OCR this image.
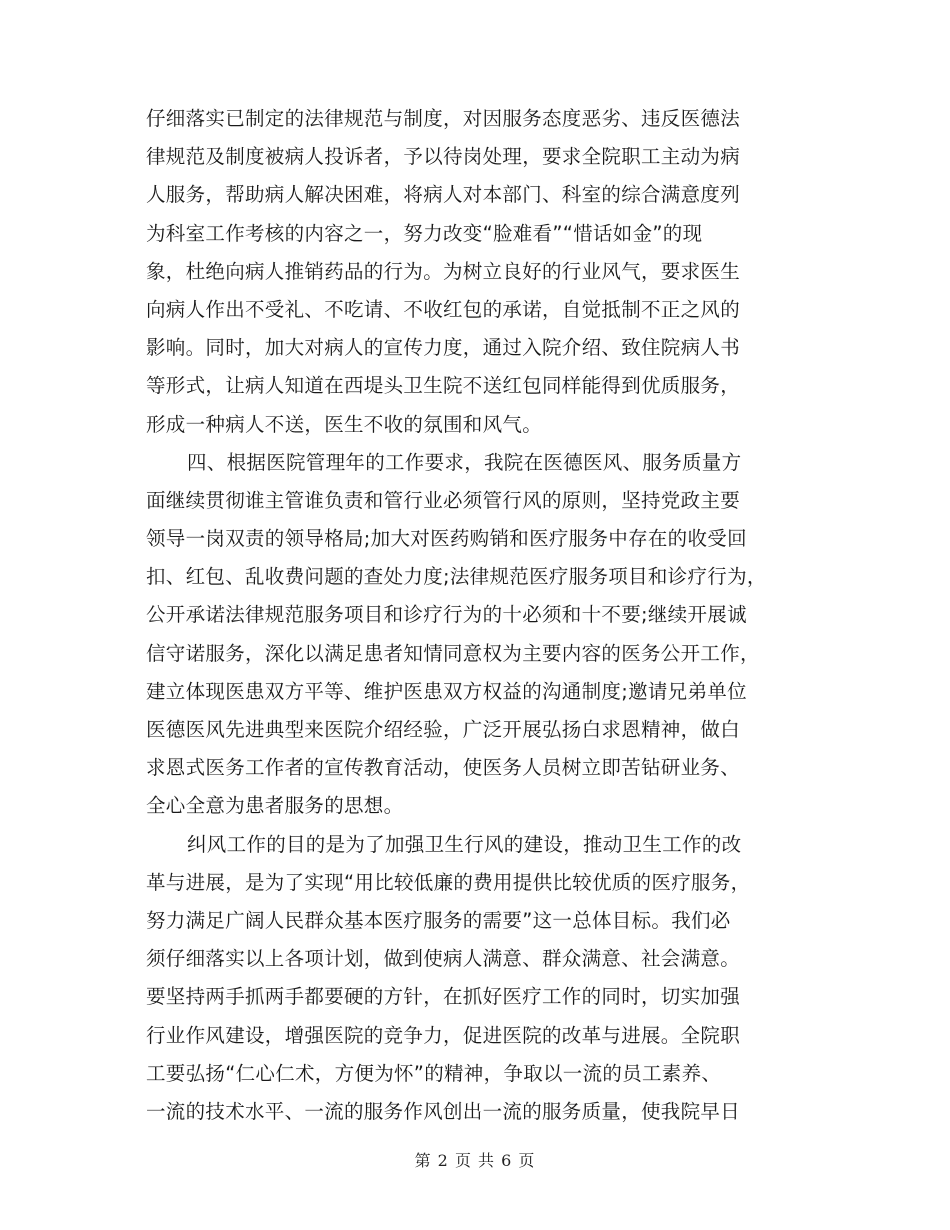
仔细落实已制定的法律规范与制度，对因服务态度恶劣、违反医德法
律规范及制度被病人投诉者，予以待岗处理，要求全院职工主动为病
人服务，帮助病人解决困难，将病人对本部门、科室的综合满意度列
为科室工作考核的内容之一，努力改变“脸难看”“惜话如金”的现
象，杜绝向病人推销药品的行为。为树立良好的行业风气，要求医生
向病人作出不受礼、不吃请、不收红包的承诺，自觉抵制不正之风的
影响。同时，加大对病人的宣传力度，通过入院介绍、致住院病人书
等形式，让病人知道在西堤头卫生院不送红包同样能得到优质服务，
形成一种病人不送，医生不收的氛围和风气。
四、根据医院管理年的工作要求，我院在医德医风、服务质量方
面继续贯彻谁主管谁负责和管行业必须管行风的原则，坚持党政主要
领导一岗双责的领导格局;加大对医药购销和医疗服务中存在的收受回
扣、红包、乱收费问题的查处力度;法律规范医疗服务项目和诊疗行为，
公开承诺法律规范服务项目和诊疗行为的十必须和十不要;继续开展诚
信守诺服务，深化以满足患者知情同意权为主要内容的医务公开工作，
建立体现医患双方平等、维护医患双方权益的沟通制度;邀请兄弟单位
医德医风先进典型来医院介绍经验，广泛开展弘扬白求恩精神，做白
求恩式医务工作者的宣传教育活动，使医务人员树立即苦钻研业务、
全心全意为患者服务的思想。
纠风工作的目的是为了加强卫生行风的建设，推动卫生工作的改
革与进展，是为了实现“用比较低廉的费用提供比较优质的医疗服务，
努力满足广阔人民群众基本医疗服务的需要”这一总体目标。我们必
须仔细落实以上各项计划，做到使病人满意、群众满意、社会满意。
要坚持两手抓两手都要硬的方针，在抓好医疗工作的同时，切实加强
行业作风建设，增强医院的竞争力，促进医院的改革与进展。全院职
工要弘扬“仁心仁术，方便为怀”的精神，争取以一流的员工素养、
一流的技术水平、一流的服务作风创出一流的服务质量，使我院早日
第 2 页 共 6 页
